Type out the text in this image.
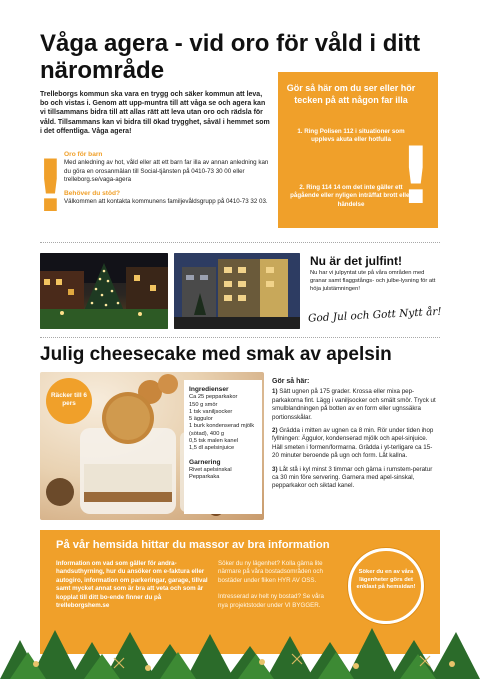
Våga agera - vid oro för våld i ditt närområde

Trelleborgs kommun ska vara en trygg och säker kommun att leva, bo och vistas i. Genom att upp-muntra till att våga se och agera kan vi tillsammans bidra till att allas rätt att leva utan oro och rädsla för våld. Tillsammans kan vi bidra till ökad trygghet, såväl i hemmet som i det offentliga. Våga agera!

!
Oro för barn

Med anledning av hot, våld eller att ett barn far illa av annan anledning kan du göra en orosanmälan till Social-tjänsten på 0410-73 30 00 eller trelleborg.se/vaga-agera

Behöver du stöd?

Välkommen att kontakta kommunens familjevåldsgrupp på 0410-73 32 03.

Gör så här om du ser eller hör tecken på att någon far illa
1. Ring Polisen 112 i situationer som upplevs akuta eller hotfulla
2. Ring 114 14 om det inte gäller ett pågående eller nyligen inträffat brott eller händelse !
Nu är det julfint!

Nu har vi julpyntat ute på våra områden med granar samt flaggstångs- och julbe-lysning för att höja julstämningen!

God Jul och Gott Nytt år!
Julig cheesecake med smak av apelsin
Räcker till 6 pers
Ingredienser
Ca 25 pepparkakor
150 g smör
1 tsk vaniljsocker
5 äggulor
1 burk kondenserad mjölk (sötad), 400 g
0,5 tsk malen kanel
1,5 dl apelsinjuice
Garnering
Rivet apelsinskal
Pepparkaka
Gör så här:

1) Sätt ugnen på 175 grader. Krossa eller mixa pep-parkakorna fint. Lägg i vaniljsocker och smält smör. Tryck ut smulblandningen på botten av en form eller ugnssäkra portionsskålar.

2) Grädda i mitten av ugnen ca 8 min. Rör under tiden ihop fyllningen: Äggulor, kondenserad mjölk och apel-sinjuice. Häll smeten i formen/formarna. Grädda i yt-terligare ca 15-20 minuter beroende på ugn och form. Låt kallna.

3) Låt stå i kyl minst 3 timmar och gärna i rumstem-peratur ca 30 min före servering. Garnera med apel-sinskal, pepparkakor och siktad kanel.

På vår hemsida hittar du massor av bra information

Information om vad som gäller för andra-handsuthyrning, hur du ansöker om e-faktura eller autogiro, information om parkeringar, garage, tillval samt mycket annat som är bra att veta och som är kopplat till ditt bo-ende finner du på trelleborgshem.se

Söker du ny lägenhet? Kolla gärna lite närmare på våra bostadsområden och bostäder under fliken HYR AV OSS.

Intresserad av helt ny bostad? Se våra nya projektstoder under VI BYGGER.

Söker du en av våra lägenheter görs det enklast på hemsidan!
